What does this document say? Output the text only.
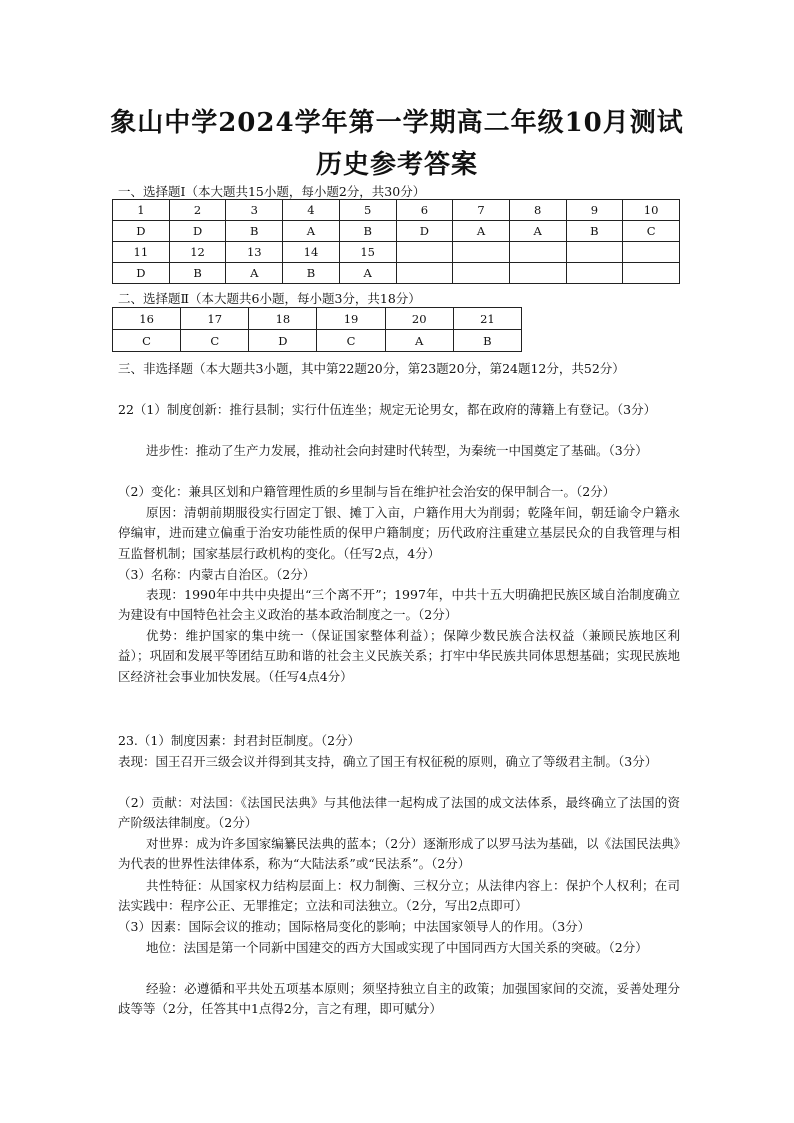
象山中学2024学年第一学期高二年级10月测试
历史参考答案
一、选择题Ⅰ（本大题共15小题，每小题2分，共30分）
1	2	3	4	5	6	7	8	9	10
D	D	B	A	B	D	A	A	B	C
11	12	13	14	15					
D	B	A	B	A					
二、选择题Ⅱ（本大题共6小题，每小题3分，共18分）
16	17	18	19	20	21
C	C	D	C	A	B
三、非选择题（本大题共3小题，其中第22题20分，第23题20分，第24题12分，共52分）
22（1）制度创新：推行县制；实行什伍连坐；规定无论男女，都在政府的薄籍上有登记。（3分）
进步性：推动了生产力发展，推动社会向封建时代转型，为秦统一中国奠定了基础。（3分）
（2）变化：兼具区划和户籍管理性质的乡里制与旨在维护社会治安的保甲制合一。（2分）
原因：清朝前期服役实行固定丁银、摊丁入亩，户籍作用大为削弱；乾隆年间，朝廷谕令户籍永停编审，进而建立偏重于治安功能性质的保甲户籍制度；历代政府注重建立基层民众的自我管理与相互监督机制；国家基层行政机构的变化。（任写2点，4分）
（3）名称：内蒙古自治区。（2分）
表现：1990年中共中央提出“三个离不开”；1997年，中共十五大明确把民族区域自治制度确立为建设有中国特色社会主义政治的基本政治制度之一。（2分）
优势：维护国家的集中统一（保证国家整体利益）；保障少数民族合法权益（兼顾民族地区利益）；巩固和发展平等团结互助和谐的社会主义民族关系；打牢中华民族共同体思想基础；实现民族地区经济社会事业加快发展。（任写4点4分）
23.（1）制度因素：封君封臣制度。（2分）
表现：国王召开三级会议并得到其支持，确立了国王有权征税的原则，确立了等级君主制。（3分）
（2）贡献：对法国：《法国民法典》与其他法律一起构成了法国的成文法体系，最终确立了法国的资产阶级法律制度。（2分）
对世界：成为许多国家编纂民法典的蓝本；（2分）逐渐形成了以罗马法为基础，以《法国民法典》为代表的世界性法律体系，称为“大陆法系”或“民法系”。（2分）
共性特征：从国家权力结构层面上：权力制衡、三权分立；从法律内容上：保护个人权利；在司法实践中：程序公正、无罪推定；立法和司法独立。（2分，写出2点即可）
（3）因素：国际会议的推动；国际格局变化的影响；中法国家领导人的作用。（3分）
地位：法国是第一个同新中国建交的西方大国或实现了中国同西方大国关系的突破。（2分）
经验：必遵循和平共处五项基本原则；须坚持独立自主的政策；加强国家间的交流，妥善处理分歧等等（2分，任答其中1点得2分，言之有理，即可赋分）
